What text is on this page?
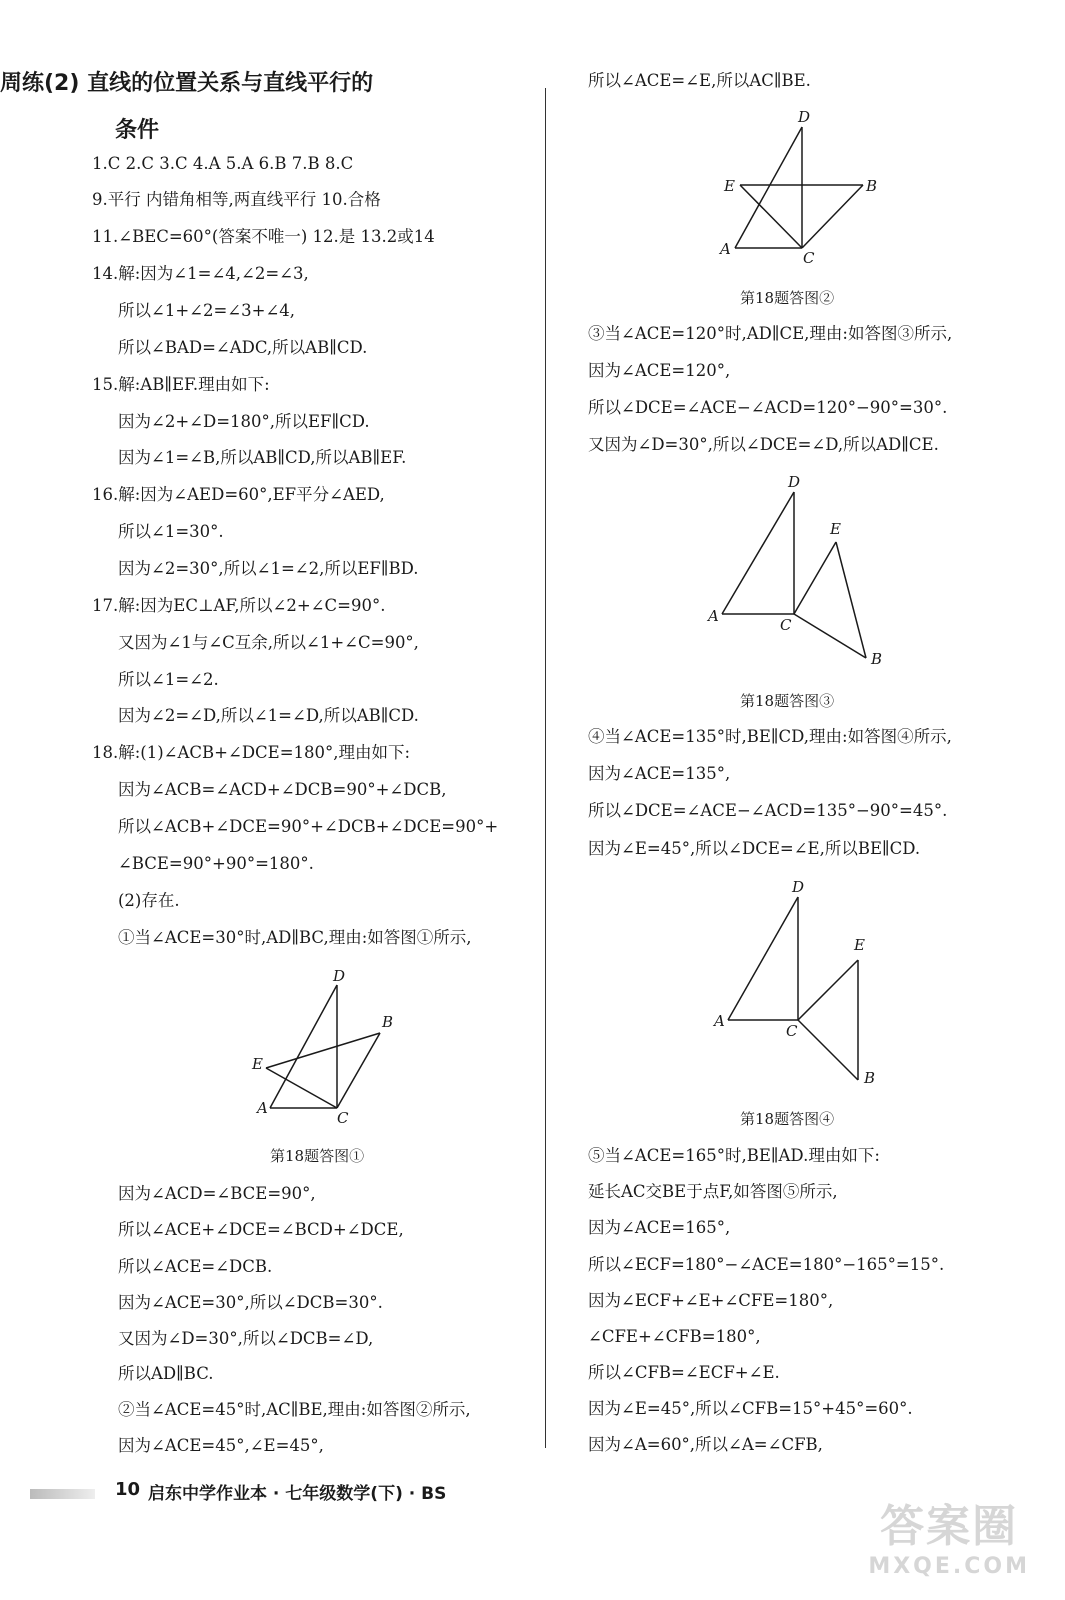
周练(2) 直线的位置关系与直线平行的
条件
1.C 2.C 3.C 4.A 5.A 6.B 7.B 8.C
9.平行 内错角相等,两直线平行 10.合格
11.∠BEC=60°(答案不唯一) 12.是 13.2或14
14.解:因为∠1=∠4,∠2=∠3,
所以∠1+∠2=∠3+∠4,
所以∠BAD=∠ADC,所以AB∥CD.
15.解:AB∥EF.理由如下:
因为∠2+∠D=180°,所以EF∥CD.
因为∠1=∠B,所以AB∥CD,所以AB∥EF.
16.解:因为∠AED=60°,EF平分∠AED,
所以∠1=30°.
因为∠2=30°,所以∠1=∠2,所以EF∥BD.
17.解:因为EC⊥AF,所以∠2+∠C=90°.
又因为∠1与∠C互余,所以∠1+∠C=90°,
所以∠1=∠2.
因为∠2=∠D,所以∠1=∠D,所以AB∥CD.
18.解:(1)∠ACB+∠DCE=180°,理由如下:
因为∠ACB=∠ACD+∠DCB=90°+∠DCB,
所以∠ACB+∠DCE=90°+∠DCB+∠DCE=90°+
∠BCE=90°+90°=180°.
(2)存在.
①当∠ACE=30°时,AD∥BC,理由:如答图①所示,
D
B
E
A
C
第18题答图①
因为∠ACD=∠BCE=90°,
所以∠ACE+∠DCE=∠BCD+∠DCE,
所以∠ACE=∠DCB.
因为∠ACE=30°,所以∠DCB=30°.
又因为∠D=30°,所以∠DCB=∠D,
所以AD∥BC.
②当∠ACE=45°时,AC∥BE,理由:如答图②所示,
因为∠ACE=45°,∠E=45°,
所以∠ACE=∠E,所以AC∥BE.
D
E	B
A	C
第18题答图②
③当∠ACE=120°时,AD∥CE,理由:如答图③所示,
因为∠ACE=120°,
所以∠DCE=∠ACE−∠ACD=120°−90°=30°.
又因为∠D=30°,所以∠DCE=∠D,所以AD∥CE.
D
E
A	C
B
第18题答图③
④当∠ACE=135°时,BE∥CD,理由:如答图④所示,
因为∠ACE=135°,
所以∠DCE=∠ACE−∠ACD=135°−90°=45°.
因为∠E=45°,所以∠DCE=∠E,所以BE∥CD.
D
E
A
C
B
第18题答图④
⑤当∠ACE=165°时,BE∥AD.理由如下:
延长AC交BE于点F,如答图⑤所示,
因为∠ACE=165°,
所以∠ECF=180°−∠ACE=180°−165°=15°.
因为∠ECF+∠E+∠CFE=180°,
∠CFE+∠CFB=180°,
所以∠CFB=∠ECF+∠E.
因为∠E=45°,所以∠CFB=15°+45°=60°.
因为∠A=60°,所以∠A=∠CFB,
10 启东中学作业本 · 七年级数学(下) · BS
答案圈
MXQE.COM
